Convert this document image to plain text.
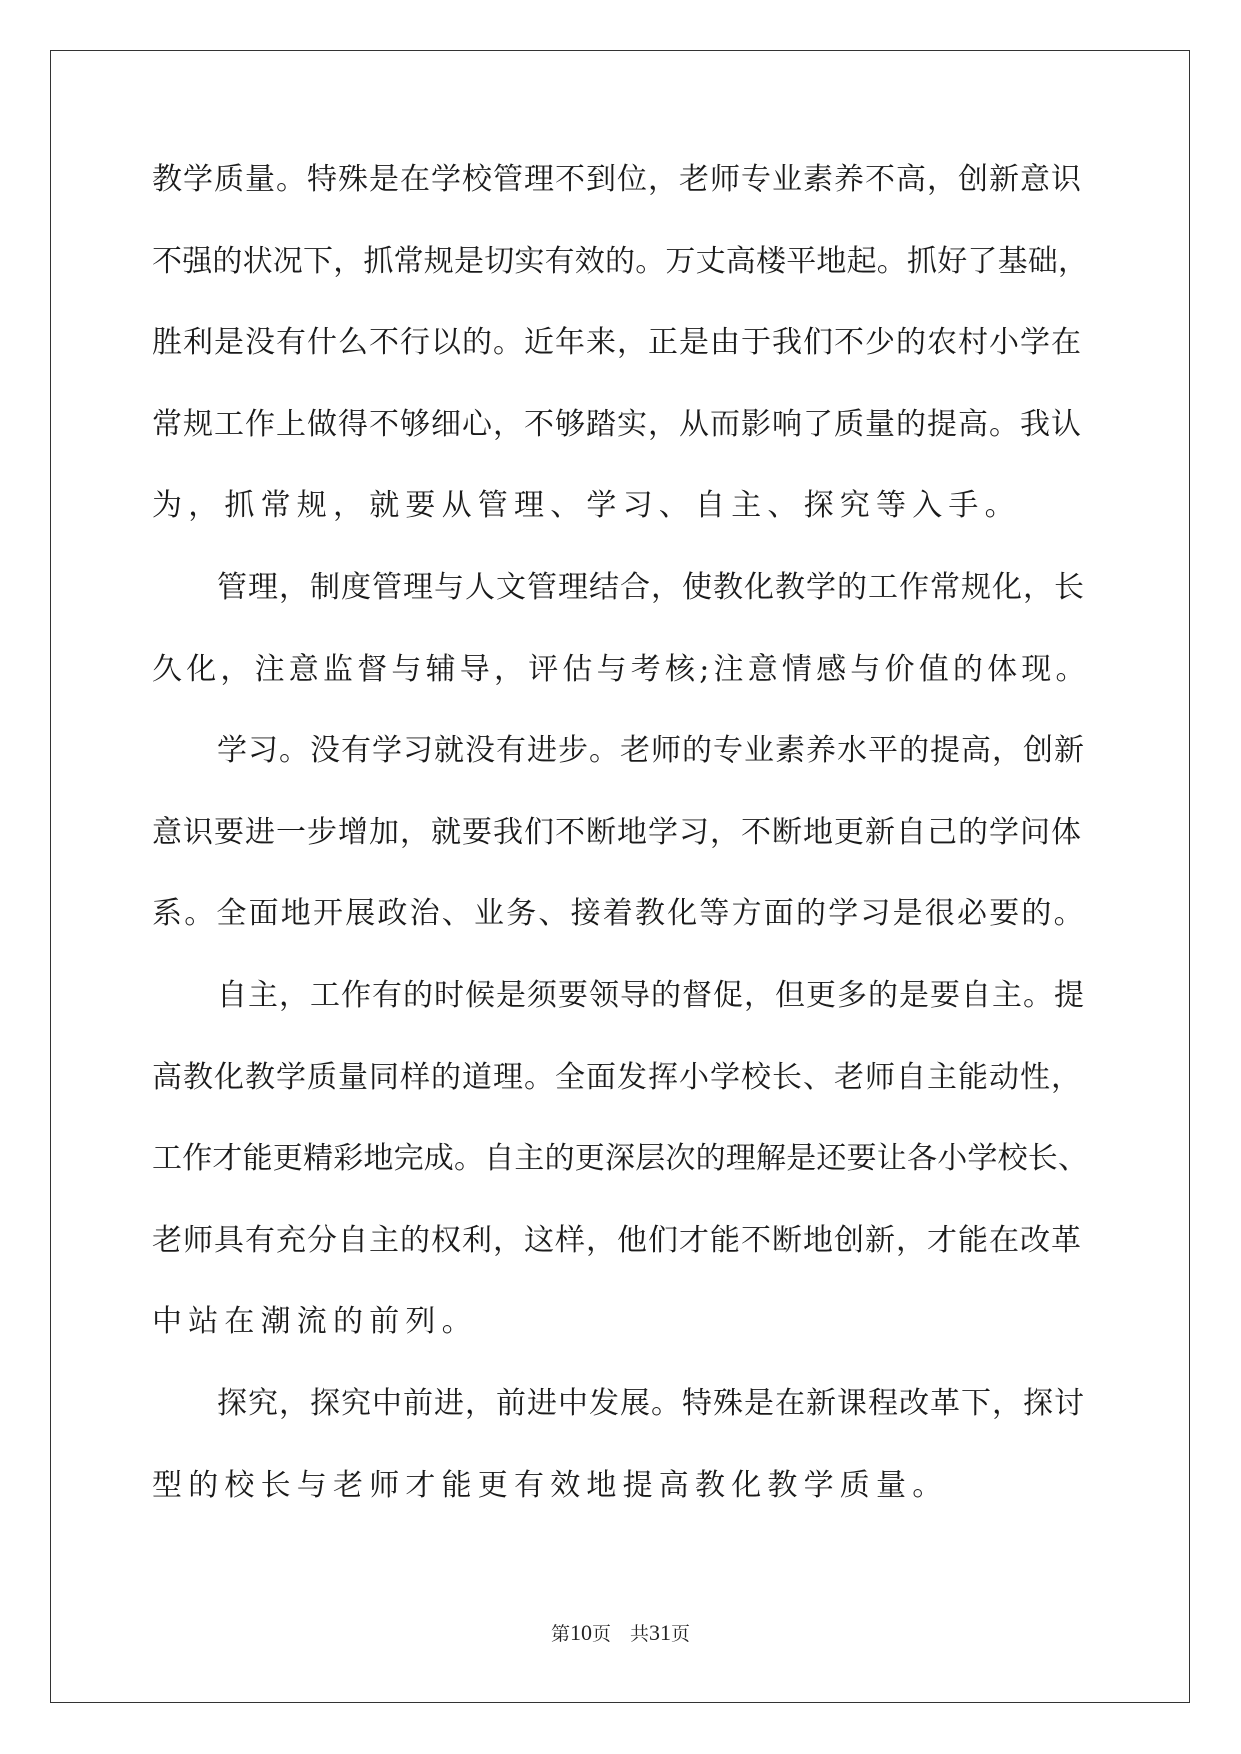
教学质量。特殊是在学校管理不到位，老师专业素养不高，创新意识
不强的状况下，抓常规是切实有效的。万丈高楼平地起。抓好了基础，
胜利是没有什么不行以的。近年来，正是由于我们不少的农村小学在
常规工作上做得不够细心，不够踏实，从而影响了质量的提高。我认
为，抓常规，就要从管理、学习、自主、探究等入手。
管理，制度管理与人文管理结合，使教化教学的工作常规化，长
久化，注意监督与辅导，评估与考核;注意情感与价值的体现。
学习。没有学习就没有进步。老师的专业素养水平的提高，创新
意识要进一步增加，就要我们不断地学习，不断地更新自己的学问体
系。全面地开展政治、业务、接着教化等方面的学习是很必要的。
自主，工作有的时候是须要领导的督促，但更多的是要自主。提
高教化教学质量同样的道理。全面发挥小学校长、老师自主能动性，
工作才能更精彩地完成。自主的更深层次的理解是还要让各小学校长、
老师具有充分自主的权利，这样，他们才能不断地创新，才能在改革
中站在潮流的前列。
探究，探究中前进，前进中发展。特殊是在新课程改革下，探讨
型的校长与老师才能更有效地提高教化教学质量。
第10页　共31页
